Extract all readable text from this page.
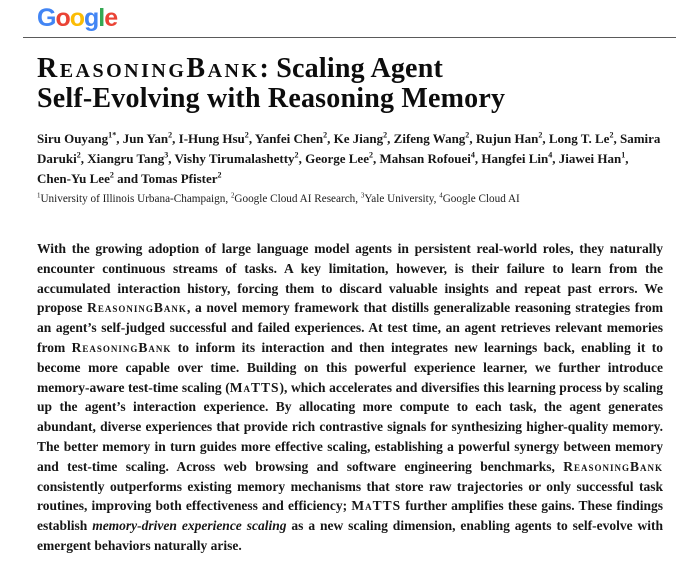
Google
ReasoningBank: Scaling Agent
Self-Evolving with Reasoning Memory

Siru Ouyang$^{1*}$, Jun Yan$^2$, I-Hung Hsu$^2$, Yanfei Chen$^2$, Ke Jiang$^2$, Zifeng Wang$^2$, Rujun Han$^2$, Long T. Le$^2$, Samira Daruki$^2$, Xiangru Tang$^3$, Vishy Tirumalashetty$^2$, George Lee$^2$, Mahsan Rofouei$^4$, Hangfei Lin$^4$, Jiawei Han$^1$, Chen-Yu Lee$^2$ and Tomas Pfister$^2$

$^1$University of Illinois Urbana-Champaign, $^2$Google Cloud AI Research, $^3$Yale University, $^4$Google Cloud AI

With the growing adoption of large language model agents in persistent real-world roles, they naturally encounter continuous streams of tasks. A key limitation, however, is their failure to learn from the accumulated interaction history, forcing them to discard valuable insights and repeat past errors. We propose ReasoningBank, a novel memory framework that distills generalizable reasoning strategies from an agent’s self-judged successful and failed experiences. At test time, an agent retrieves relevant memories from ReasoningBank to inform its interaction and then integrates new learnings back, enabling it to become more capable over time. Building on this powerful experience learner, we further introduce memory-aware test-time scaling (MaTTS), which accelerates and diversifies this learning process by scaling up the agent’s interaction experience. By allocating more compute to each task, the agent generates abundant, diverse experiences that provide rich contrastive signals for synthesizing higher-quality memory. The better memory in turn guides more effective scaling, establishing a powerful synergy between memory and test-time scaling. Across web browsing and software engineering benchmarks, ReasoningBank consistently outperforms existing memory mechanisms that store raw trajectories or only successful task routines, improving both effectiveness and efficiency; MaTTS further amplifies these gains. These findings establish memory-driven experience scaling as a new scaling dimension, enabling agents to self-evolve with emergent behaviors naturally arise.
